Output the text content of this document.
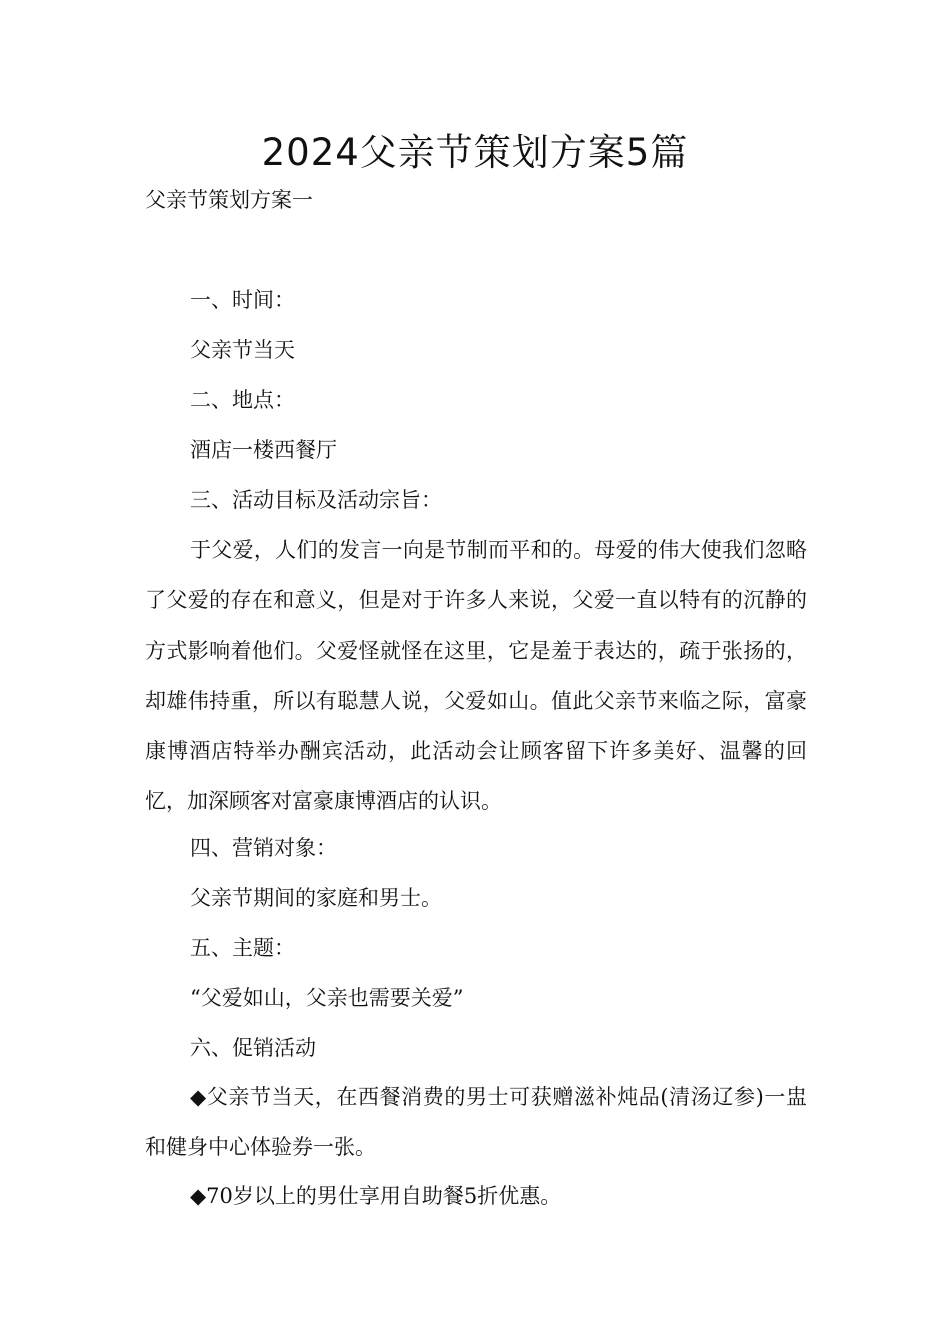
2024父亲节策划方案5篇

父亲节策划方案一

一、时间：

父亲节当天

二、地点：

酒店一楼西餐厅

三、活动目标及活动宗旨：

于父爱，人们的发言一向是节制而平和的。母爱的伟大使我们忽略了父爱的存在和意义，但是对于许多人来说，父爱一直以特有的沉静的方式影响着他们。父爱怪就怪在这里，它是羞于表达的，疏于张扬的，却雄伟持重，所以有聪慧人说，父爱如山。值此父亲节来临之际，富豪康博酒店特举办酬宾活动，此活动会让顾客留下许多美好、温馨的回忆，加深顾客对富豪康博酒店的认识。

四、营销对象：

父亲节期间的家庭和男士。

五、主题：

“父爱如山，父亲也需要关爱”

六、促销活动

◆父亲节当天，在西餐消费的男士可获赠滋补炖品(清汤辽参)一盅和健身中心体验券一张。

◆70岁以上的男仕享用自助餐5折优惠。
